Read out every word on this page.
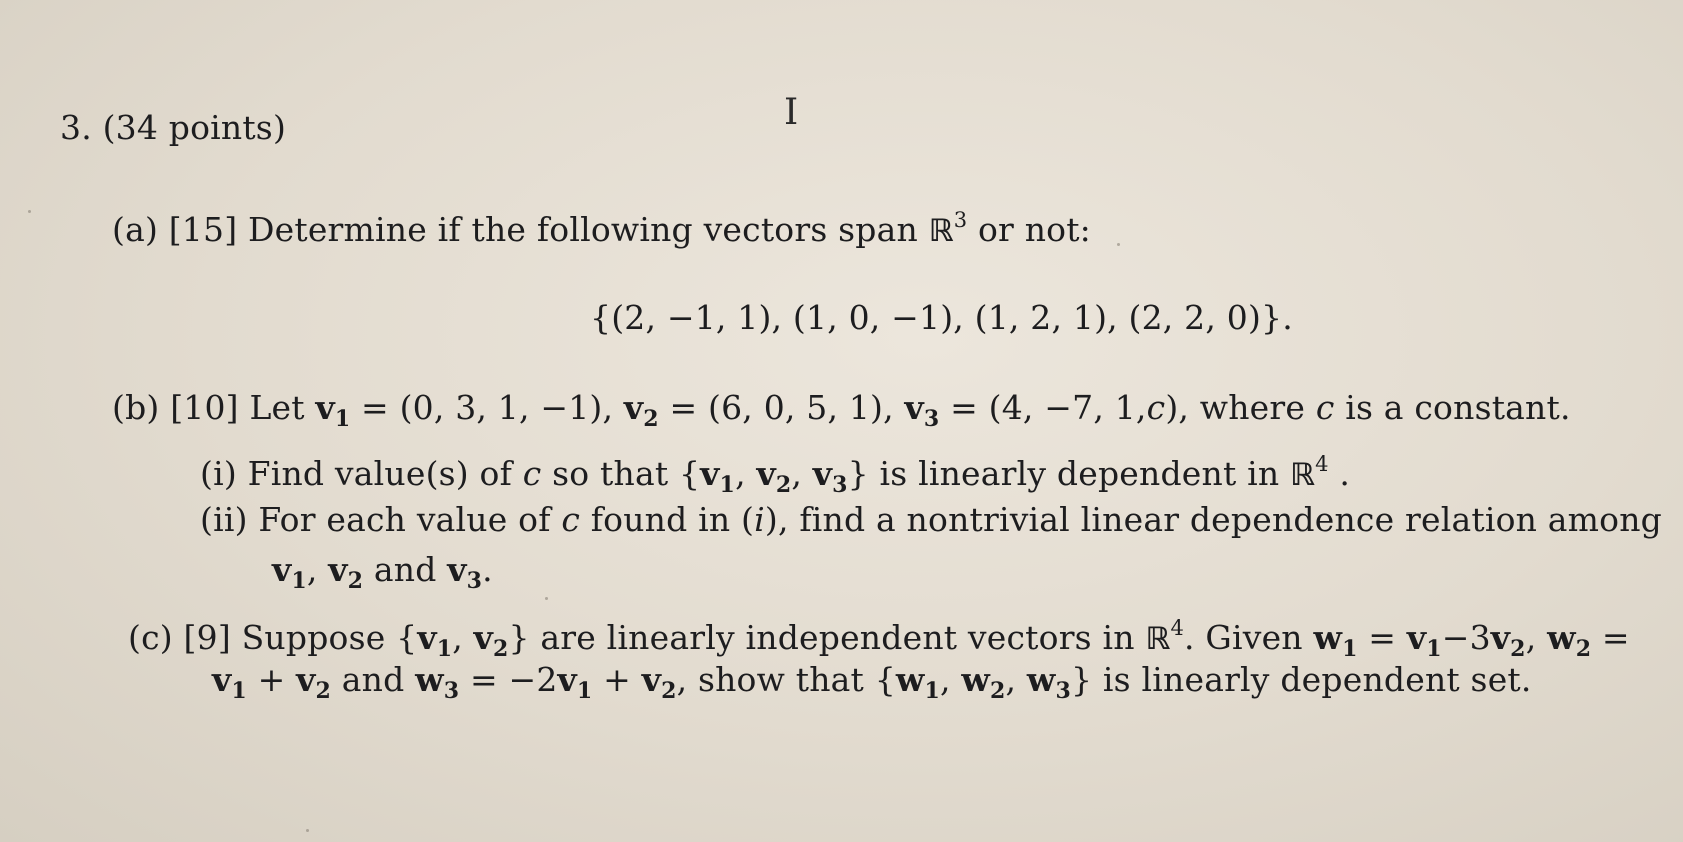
I
3. (34 points)
(a) [15] Determine if the following vectors span ℝ$^3$ or not:
{(2, −1, 1), (1, 0, −1), (1, 2, 1), (2, 2, 0)}.
(b) [10] Let $v_1 = (0$, 3, 1, −1), $v_2 = (6$, 0, 5, 1), $v_3 = (4$, −7, 1,c), where c is a constant.
(i) Find value(s) of c so that {$v_1$, $v_2$, $v_3$} is linearly dependent in ℝ$^4$ .
(ii) For each value of c found in (i), find a nontrivial linear dependence relation among
$v_1$, $v_2$ and $v_3$.
(c) [9] Suppose {$v_1$, $v_2$} are linearly independent vectors in ℝ$^4$. Given $w_1 = v_1-3v_2$, $w_2$ =
$v_1 + v_2$ and $w_3 = -2v_1 + v_2$, show that {$w_1$, $w_2$, $w_3$} is linearly dependent set.
